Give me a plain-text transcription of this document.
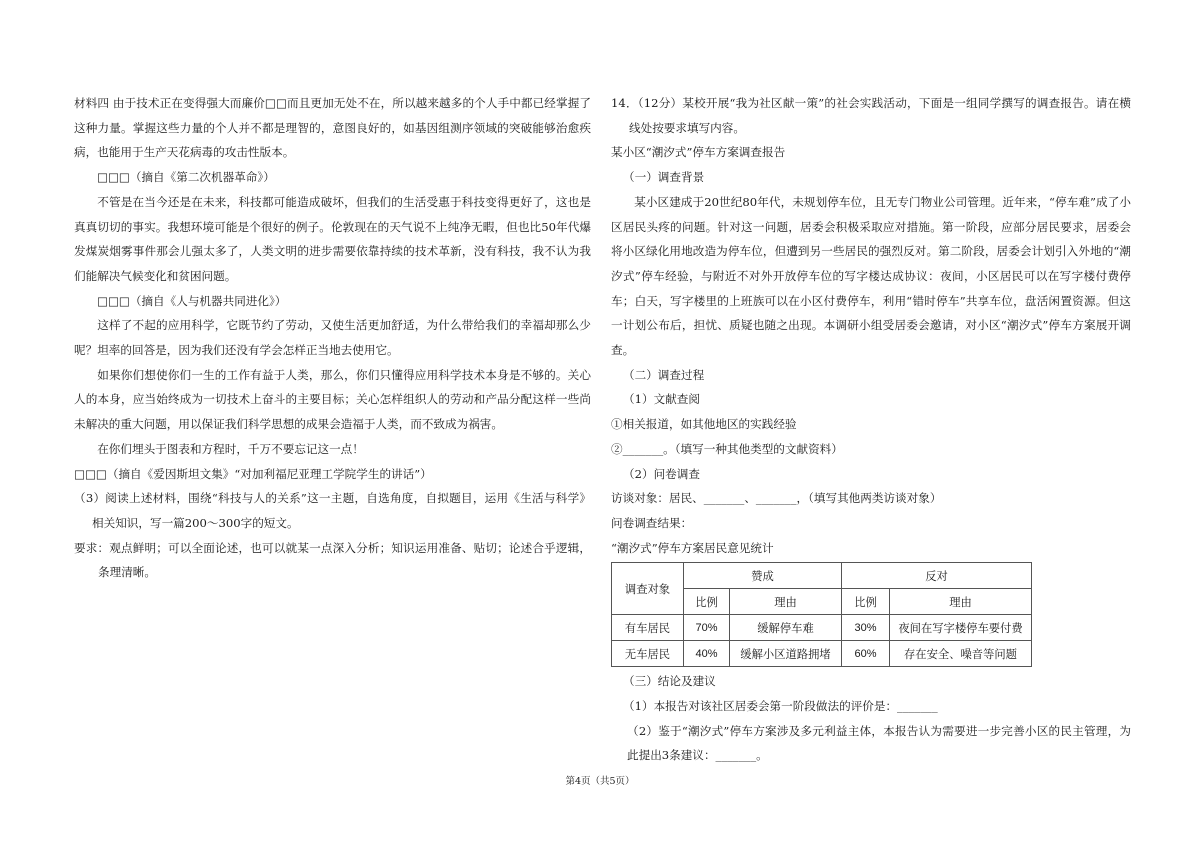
材料四 由于技术正在变得强大而廉价□□而且更加无处不在，所以越来越多的个人手中都已经掌握了这种力量。掌握这些力量的个人并不都是理智的，意图良好的，如基因组测序领域的突破能够治愈疾病，也能用于生产天花病毒的攻击性版本。

□□□（摘自《第二次机器革命》）

不管是在当今还是在未来，科技都可能造成破坏，但我们的生活受惠于科技变得更好了，这也是真真切切的事实。我想环境可能是个很好的例子。伦敦现在的天气说不上纯净无暇，但也比50年代爆发煤炭烟雾事件那会儿强太多了，人类文明的进步需要依靠持续的技术革新，没有科技，我不认为我们能解决气候变化和贫困问题。

□□□（摘自《人与机器共同进化》）

这样了不起的应用科学，它既节约了劳动，又使生活更加舒适，为什么带给我们的幸福却那么少呢？坦率的回答是，因为我们还没有学会怎样正当地去使用它。

如果你们想使你们一生的工作有益于人类，那么，你们只懂得应用科学技术本身是不够的。关心人的本身，应当始终成为一切技术上奋斗的主要目标；关心怎样组织人的劳动和产品分配这样一些尚未解决的重大问题，用以保证我们科学思想的成果会造福于人类，而不致成为祸害。

在你们埋头于图表和方程时，千万不要忘记这一点！

□□□（摘自《爱因斯坦文集》“对加利福尼亚理工学院学生的讲话”）

（3）阅读上述材料，围绕“科技与人的关系”这一主题，自选角度，自拟题目，运用《生活与科学》相关知识，写一篇200～300字的短文。

要求：观点鲜明；可以全面论述，也可以就某一点深入分析；知识运用准备、贴切；论述合乎逻辑，条理清晰。

14．（12分）某校开展“我为社区献一策”的社会实践活动，下面是一组同学撰写的调查报告。请在横线处按要求填写内容。

某小区“潮汐式”停车方案调查报告

（一）调查背景

某小区建成于20世纪80年代，未规划停车位，且无专门物业公司管理。近年来，“停车难”成了小区居民头疼的问题。针对这一问题，居委会积极采取应对措施。第一阶段，应部分居民要求，居委会将小区绿化用地改造为停车位，但遭到另一些居民的强烈反对。第二阶段，居委会计划引入外地的“潮汐式”停车经验，与附近不对外开放停车位的写字楼达成协议：夜间，小区居民可以在写字楼付费停车；白天，写字楼里的上班族可以在小区付费停车，利用“错时停车”共享车位，盘活闲置资源。但这一计划公布后，担忧、质疑也随之出现。本调研小组受居委会邀请，对小区“潮汐式”停车方案展开调查。

（二）调查过程

（1）文献查阅

①相关报道，如其他地区的实践经验

②_______。（填写一种其他类型的文献资料）

（2）问卷调查

访谈对象：居民、_______、_______，（填写其他两类访谈对象）

问卷调查结果：

“潮汐式”停车方案居民意见统计

调查对象	赞成		反对	
	比例	理由	比例	理由
有车居民	70%	缓解停车难	30%	夜间在写字楼停车要付费
无车居民	40%	缓解小区道路拥堵	60%	存在安全、噪音等问题

（三）结论及建议

（1）本报告对该社区居委会第一阶段做法的评价是：_______

（2）鉴于“潮汐式”停车方案涉及多元利益主体，本报告认为需要进一步完善小区的民主管理，为此提出3条建议：_______。

第4页（共5页）
